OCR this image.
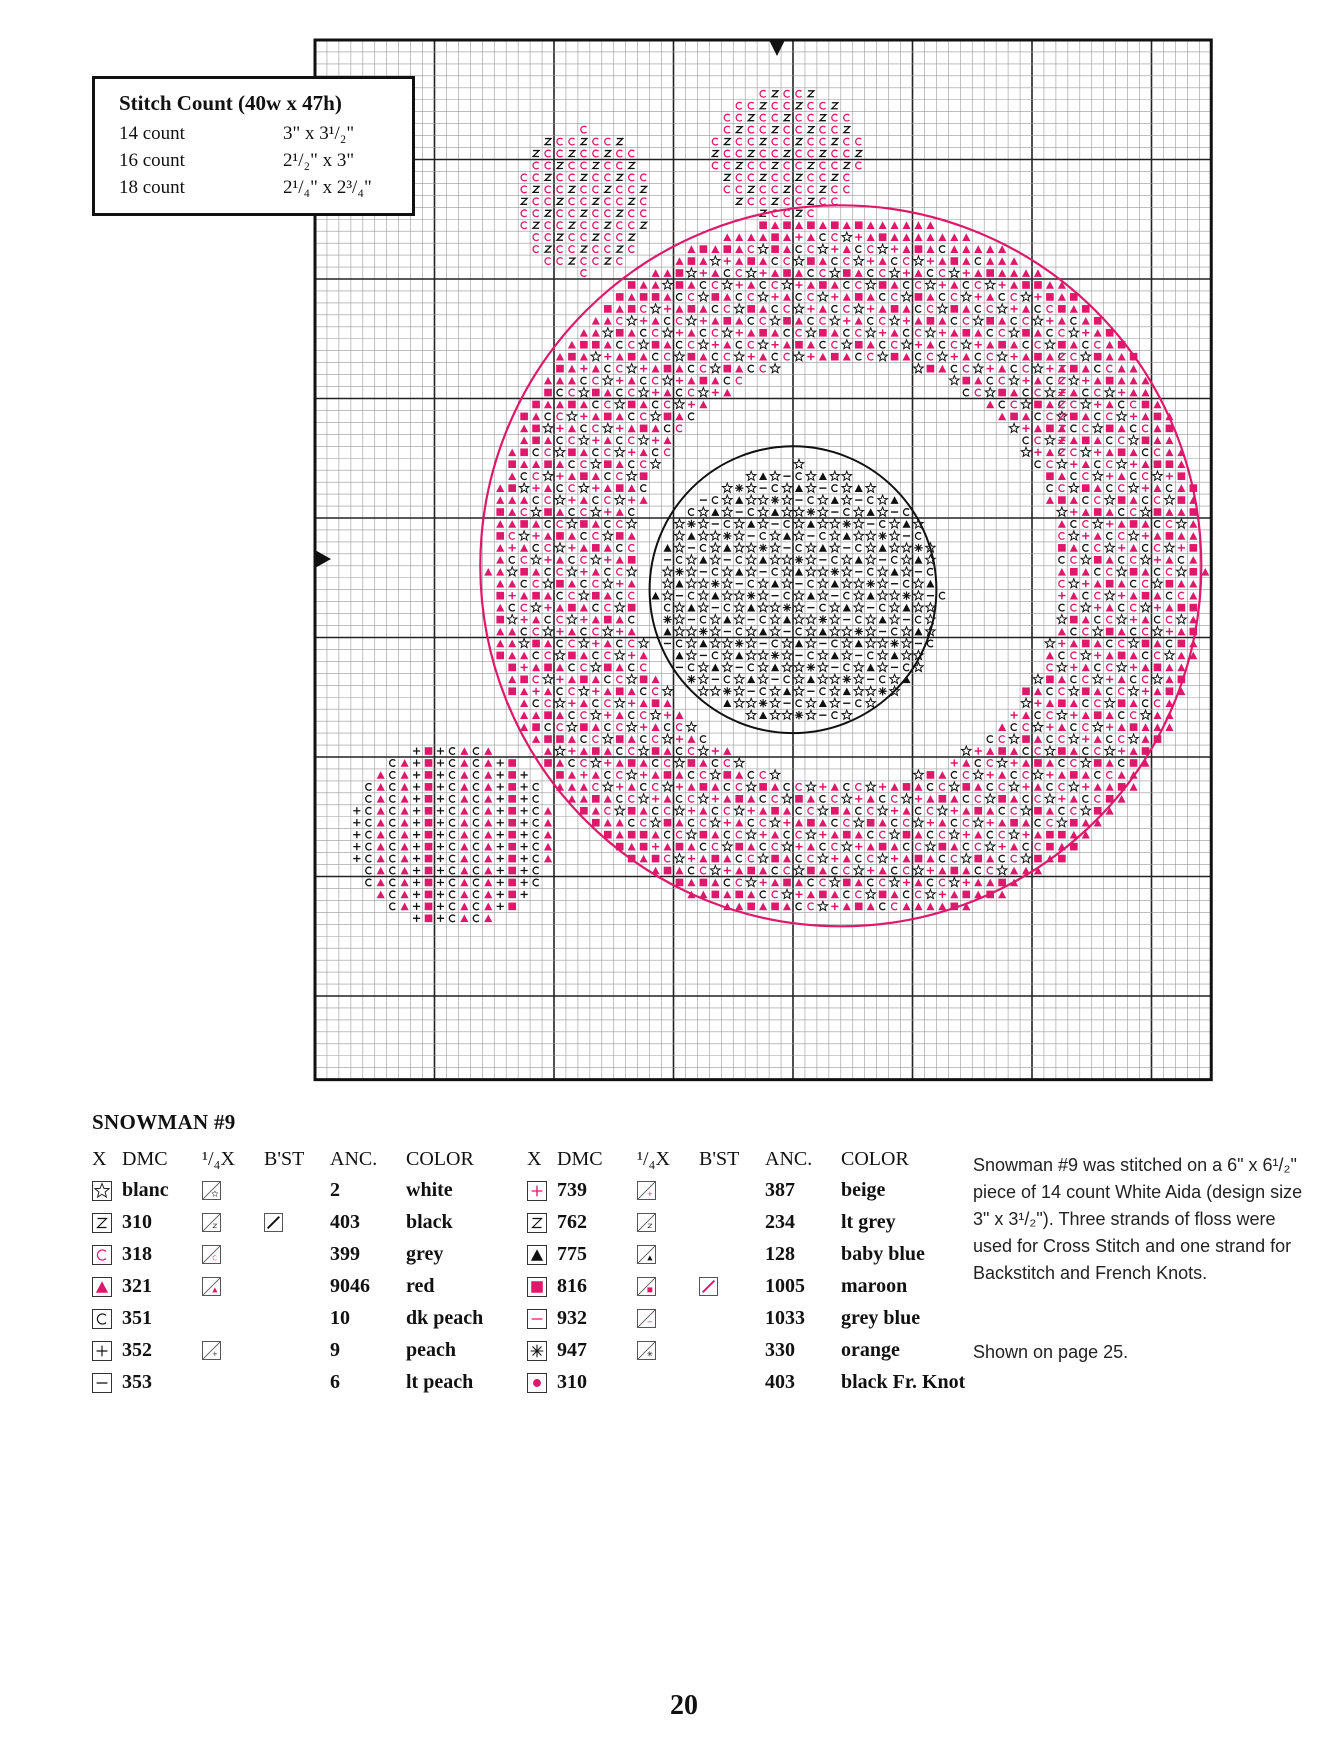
Stitch Count (40w x 47h)
14 count	3" x 3¹/₂"
16 count	2¹/₂" x 3"
18 count	2¹/₄" x 2³/₄"
SNOWMAN #9
X DMC	¹/₄X	B'ST	ANC.	COLOR
blanc	2	white
310	403	black
318	399	grey
321	9046	red
351	10	dk peach
352	9	peach
353	6	lt peach
X DMC	¹/₄X	B'ST	ANC.	COLOR
739	387	beige
762	234	lt grey
775	128	baby blue
816	1005	maroon
932	1033	grey blue
947	330	orange
310	403	black Fr. Knot
Snowman #9 was stitched on a 6" x 6¹/₂" piece of 14 count White Aida (design size 3" x 3¹/₂"). Three strands of floss were used for Cross Stitch and one strand for Backstitch and French Knots.
Shown on page 25.
20
